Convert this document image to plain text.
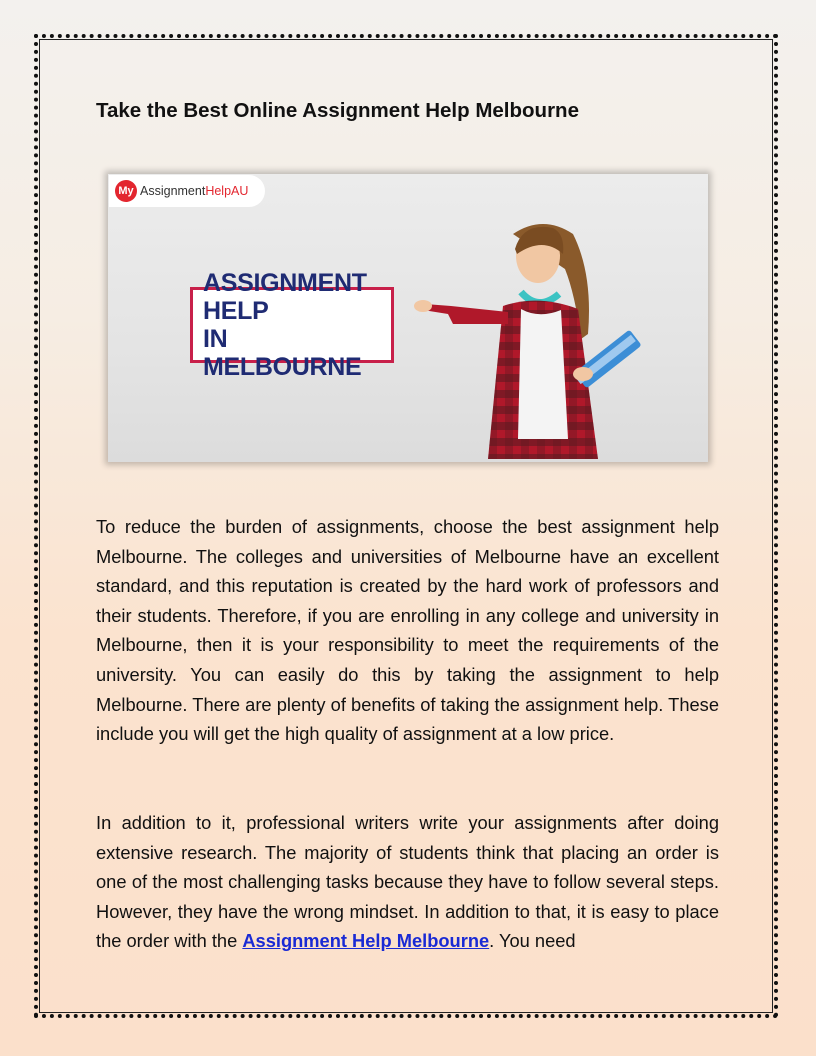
Take the Best Online Assignment Help Melbourne
My AssignmentHelpAU
ASSIGNMENT HELP
IN MELBOURNE

To reduce the burden of assignments, choose the best assignment help Melbourne. The colleges and universities of Melbourne have an excellent standard, and this reputation is created by the hard work of professors and their students. Therefore, if you are enrolling in any college and university in Melbourne, then it is your responsibility to meet the requirements of the university. You can easily do this by taking the assignment to help Melbourne. There are plenty of benefits of taking the assignment help. These include you will get the high quality of assignment at a low price.

In addition to it, professional writers write your assignments after doing extensive research. The majority of students think that placing an order is one of the most challenging tasks because they have to follow several steps. However, they have the wrong mindset. In addition to that, it is easy to place the order with the Assignment Help Melbourne. You need
